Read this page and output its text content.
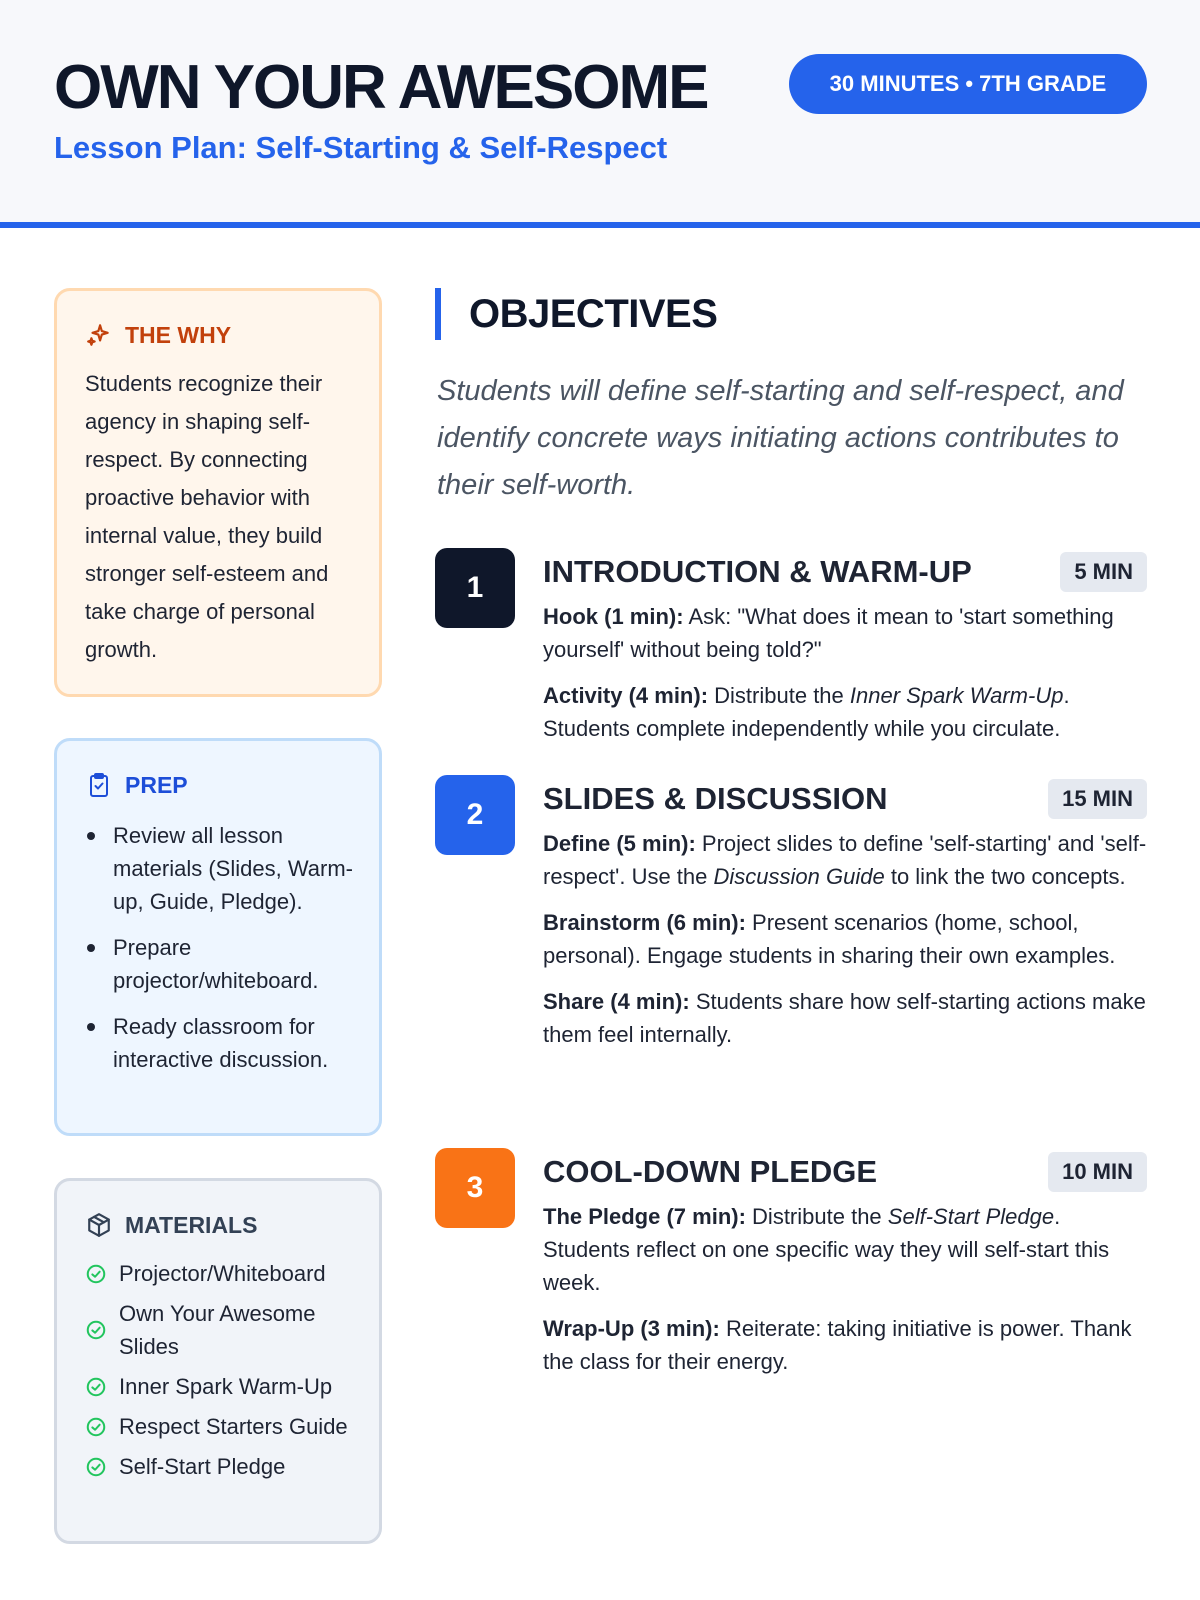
OWN YOUR AWESOME
Lesson Plan: Self-Starting & Self-Respect
30 MINUTES • 7TH GRADE
THE WHY
Students recognize their agency in shaping self-respect. By connecting proactive behavior with internal value, they build stronger self-esteem and take charge of personal growth.
PREP
Review all lesson materials (Slides, Warm-up, Guide, Pledge).
Prepare projector/whiteboard.
Ready classroom for interactive discussion.
MATERIALS
Projector/Whiteboard
Own Your Awesome Slides
Inner Spark Warm-Up
Respect Starters Guide
Self-Start Pledge
OBJECTIVES
Students will define self-starting and self-respect, and identify concrete ways initiating actions contributes to their self-worth.
1	INTRODUCTION & WARM-UP	5 MIN

Hook (1 min): Ask: "What does it mean to 'start something yourself' without being told?"

Activity (4 min): Distribute the Inner Spark Warm-Up. Students complete independently while you circulate.

2	SLIDES & DISCUSSION	15 MIN

Define (5 min): Project slides to define 'self-starting' and 'self-respect'. Use the Discussion Guide to link the two concepts.

Brainstorm (6 min): Present scenarios (home, school, personal). Engage students in sharing their own examples.

Share (4 min): Students share how self-starting actions make them feel internally.

3	COOL-DOWN PLEDGE	10 MIN

The Pledge (7 min): Distribute the Self-Start Pledge. Students reflect on one specific way they will self-start this week.

Wrap-Up (3 min): Reiterate: taking initiative is power. Thank the class for their energy.
